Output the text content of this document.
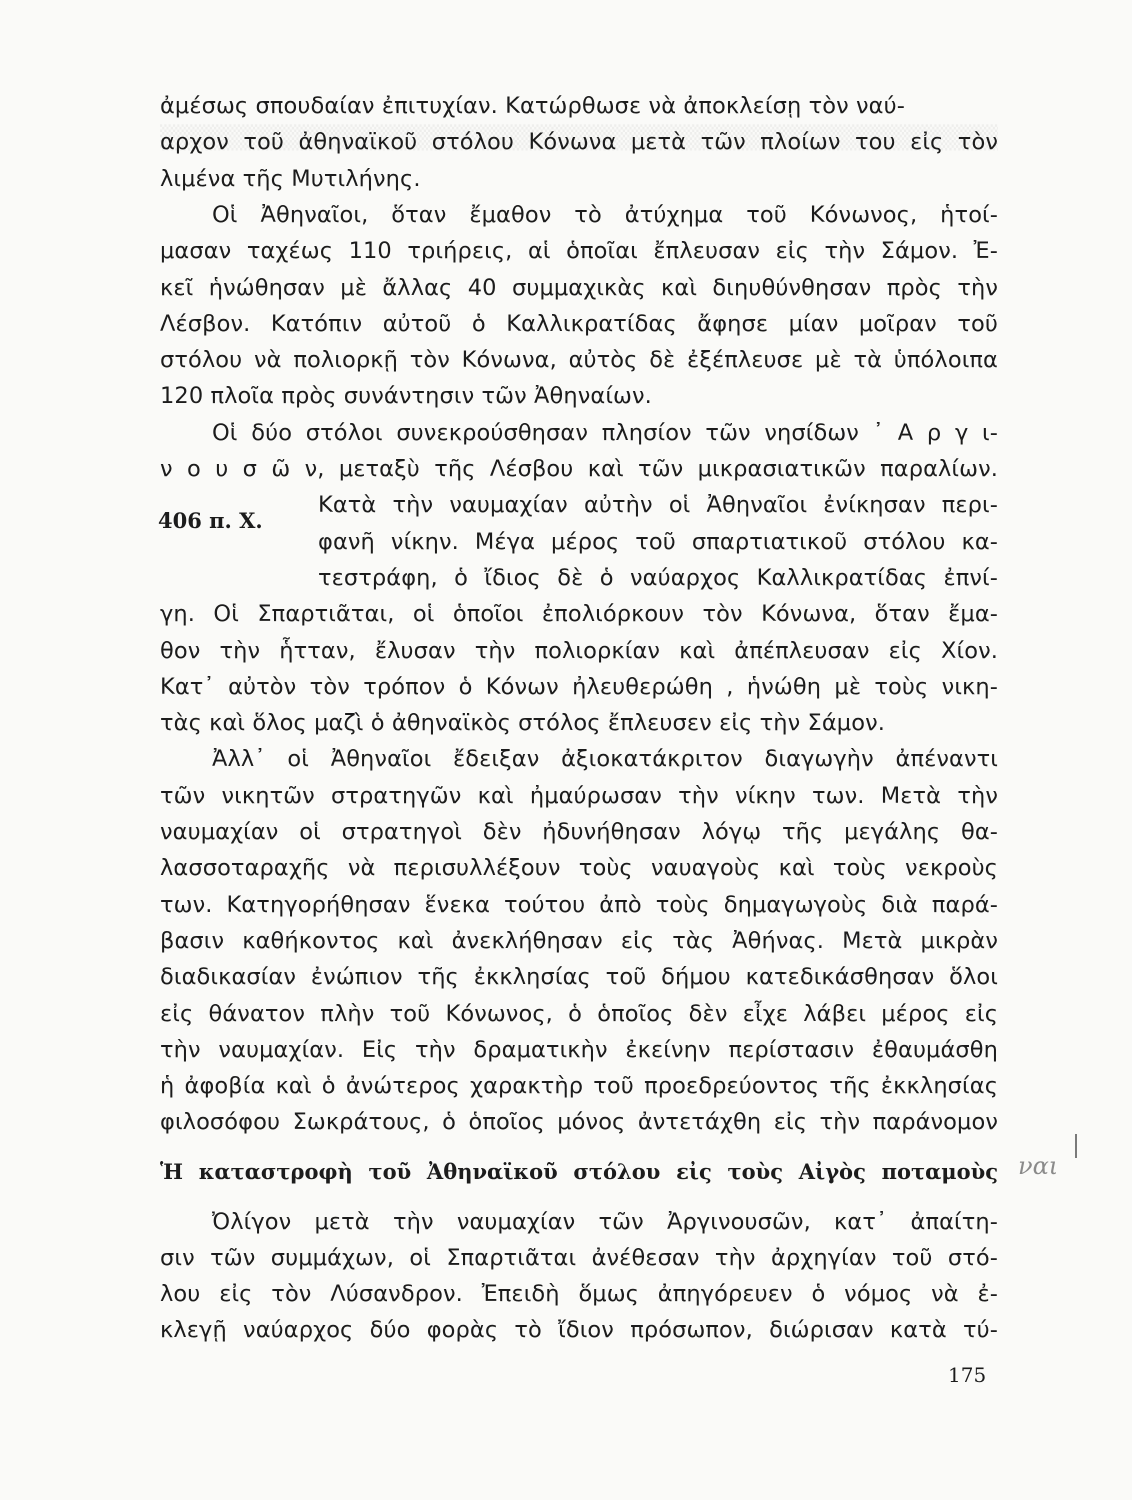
ἀμέσως σπουδαίαν ἐπιτυχίαν. Κατώρθωσε νὰ ἀποκλείσῃ τὸν ναύ-
αρχον τοῦ ἀθηναϊκοῦ στόλου Κόνωνα μετὰ τῶν πλοίων του εἰς τὸν
λιμένα τῆς Μυτιλήνης.
Οἱ Ἀθηναῖοι, ὅταν ἔμαθον τὸ ἀτύχημα τοῦ Κόνωνος, ἡτοί-
μασαν ταχέως 110 τριήρεις, αἱ ὁποῖαι ἔπλευσαν εἰς τὴν Σάμον. Ἐ-
κεῖ ἡνώθησαν μὲ ἄλλας 40 συμμαχικὰς καὶ διηυθύνθησαν πρὸς τὴν
Λέσβον. Κατόπιν αὐτοῦ ὁ Καλλικρατίδας ἄφησε μίαν μοῖραν τοῦ
στόλου νὰ πολιορκῇ τὸν Κόνωνα, αὐτὸς δὲ ἐξέπλευσε μὲ τὰ ὑπόλοιπα
120 πλοῖα πρὸς συνάντησιν τῶν Ἀθηναίων.
Οἱ δύο στόλοι συνεκρούσθησαν πλησίον τῶν νησίδων ᾽ Α ρ γ ι-
ν ο υ σ ῶ ν, μεταξὺ τῆς Λέσβου καὶ τῶν μικρασιατικῶν παραλίων.
Κατὰ τὴν ναυμαχίαν αὐτὴν οἱ Ἀθηναῖοι ἐνίκησαν περι-
φανῆ νίκην. Μέγα μέρος τοῦ σπαρτιατικοῦ στόλου κα-
τεστράφη, ὁ ἴδιος δὲ ὁ ναύαρχος Καλλικρατίδας ἐπνί-
γη. Οἱ Σπαρτιᾶται, οἱ ὁποῖοι ἐπολιόρκουν τὸν Κόνωνα, ὅταν ἔμα-
θον τὴν ἧτταν, ἔλυσαν τὴν πολιορκίαν καὶ ἀπέπλευσαν εἰς Χίον.
Κατ᾽ αὐτὸν τὸν τρόπον ὁ Κόνων ἠλευθερώθη , ἡνώθη μὲ τοὺς νικη-
τὰς καὶ ὅλος μαζὶ ὁ ἀθηναϊκὸς στόλος ἔπλευσεν εἰς τὴν Σάμον.
Ἀλλ᾽ οἱ Ἀθηναῖοι ἔδειξαν ἀξιοκατάκριτον διαγωγὴν ἀπέναντι
τῶν νικητῶν στρατηγῶν καὶ ἠμαύρωσαν τὴν νίκην των. Μετὰ τὴν
ναυμαχίαν οἱ στρατηγοὶ δὲν ἠδυνήθησαν λόγῳ τῆς μεγάλης θα-
λασσοταραχῆς νὰ περισυλλέξουν τοὺς ναυαγοὺς καὶ τοὺς νεκροὺς
των. Κατηγορήθησαν ἕνεκα τούτου ἀπὸ τοὺς δημαγωγοὺς διὰ παρά-
βασιν καθήκοντος καὶ ἀνεκλήθησαν εἰς τὰς Ἀθήνας. Μετὰ μικρὰν
διαδικασίαν ἐνώπιον τῆς ἐκκλησίας τοῦ δήμου κατεδικάσθησαν ὅλοι
εἰς θάνατον πλὴν τοῦ Κόνωνος, ὁ ὁποῖος δὲν εἶχε λάβει μέρος εἰς
τὴν ναυμαχίαν. Εἰς τὴν δραματικὴν ἐκείνην περίστασιν ἐθαυμάσθη
ἡ ἀφοβία καὶ ὁ ἀνώτερος χαρακτὴρ τοῦ προεδρεύοντος τῆς ἐκκλησίας
φιλοσόφου Σωκράτους, ὁ ὁποῖος μόνος ἀντετάχθη εἰς τὴν παράνομον
406 π. Χ.
Ἡ καταστροφὴ τοῦ Ἀθηναϊκοῦ στόλου εἰς τοὺς Αἰγὸς ποταμοὺς
Ὀλίγον μετὰ τὴν ναυμαχίαν τῶν Ἀργινουσῶν, κατ᾽ ἀπαίτη-
σιν τῶν συμμάχων, οἱ Σπαρτιᾶται ἀνέθεσαν τὴν ἀρχηγίαν τοῦ στό-
λου εἰς τὸν Λύσανδρον. Ἐπειδὴ ὅμως ἀπηγόρευεν ὁ νόμος νὰ ἐ-
κλεγῇ ναύαρχος δύο φορὰς τὸ ἴδιον πρόσωπον, διώρισαν κατὰ τύ-
175
ναι
